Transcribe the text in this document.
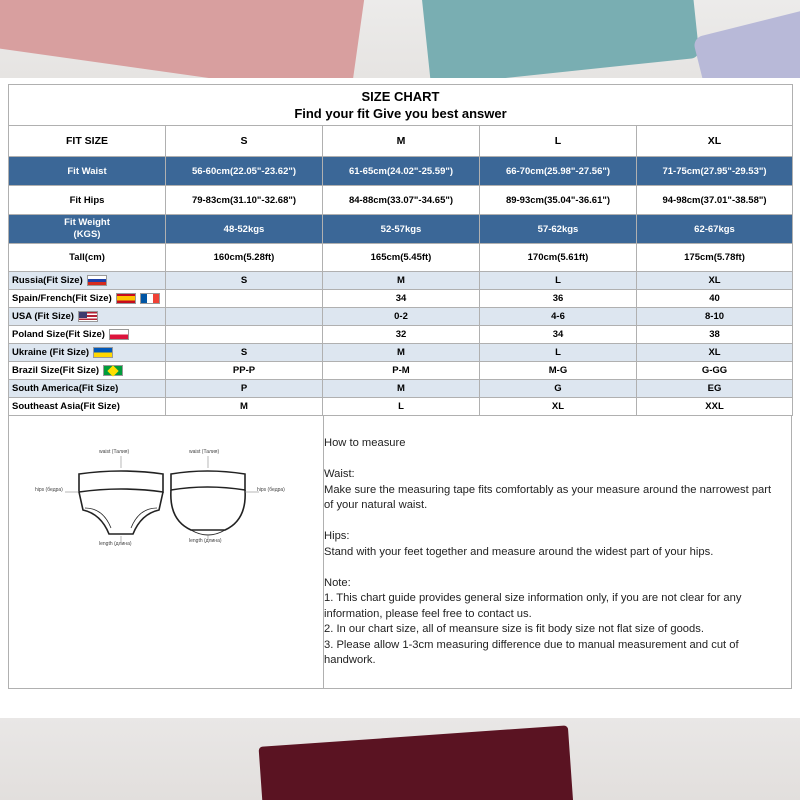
SIZE CHART
Find your fit Give you best answer				

FIT SIZE	S	M	L	XL
Fit Waist	56-60cm(22.05"-23.62")	61-65cm(24.02"-25.59")	66-70cm(25.98"-27.56")	71-75cm(27.95"-29.53")
Fit Hips	79-83cm(31.10"-32.68")	84-88cm(33.07"-34.65")	89-93cm(35.04"-36.61")	94-98cm(37.01"-38.58")
Fit Weight
(KGS)	48-52kgs	52-57kgs	57-62kgs	62-67kgs
Tall(cm)	160cm(5.28ft)	165cm(5.45ft)	170cm(5.61ft)	175cm(5.78ft)
Russia(Fit Size)	S	M	L	XL
Spain/French(Fit Size)		34	36	40
USA (Fit Size)		0-2	4-6	8-10
Poland Size(Fit Size)		32	34	38
Ukraine (Fit Size)	S	M	L	XL
Brazil Size(Fit Size)	PP-P	P-M	M-G	G-GG
South America(Fit Size)	P	M	G	EG
Southeast Asia(Fit Size)	M	L	XL	XXL
waist (Талия)
hips (бедра)
length (длина)
waist (Талия)
hips (бедра)
length (длина)

How to measure

Waist:

Make sure the measuring tape fits comfortably as your measure around the narrowest part of your natural waist.

Hips:

Stand with your feet together and measure around the widest part of your hips.

Note:

1. This chart guide provides general size information only, if you are not clear for any information, please feel free to contact us.

2. In our chart size, all of meansure size is fit body size not flat size of goods.

3. Please allow 1-3cm measuring difference due to manual measurement and cut of handwork.
